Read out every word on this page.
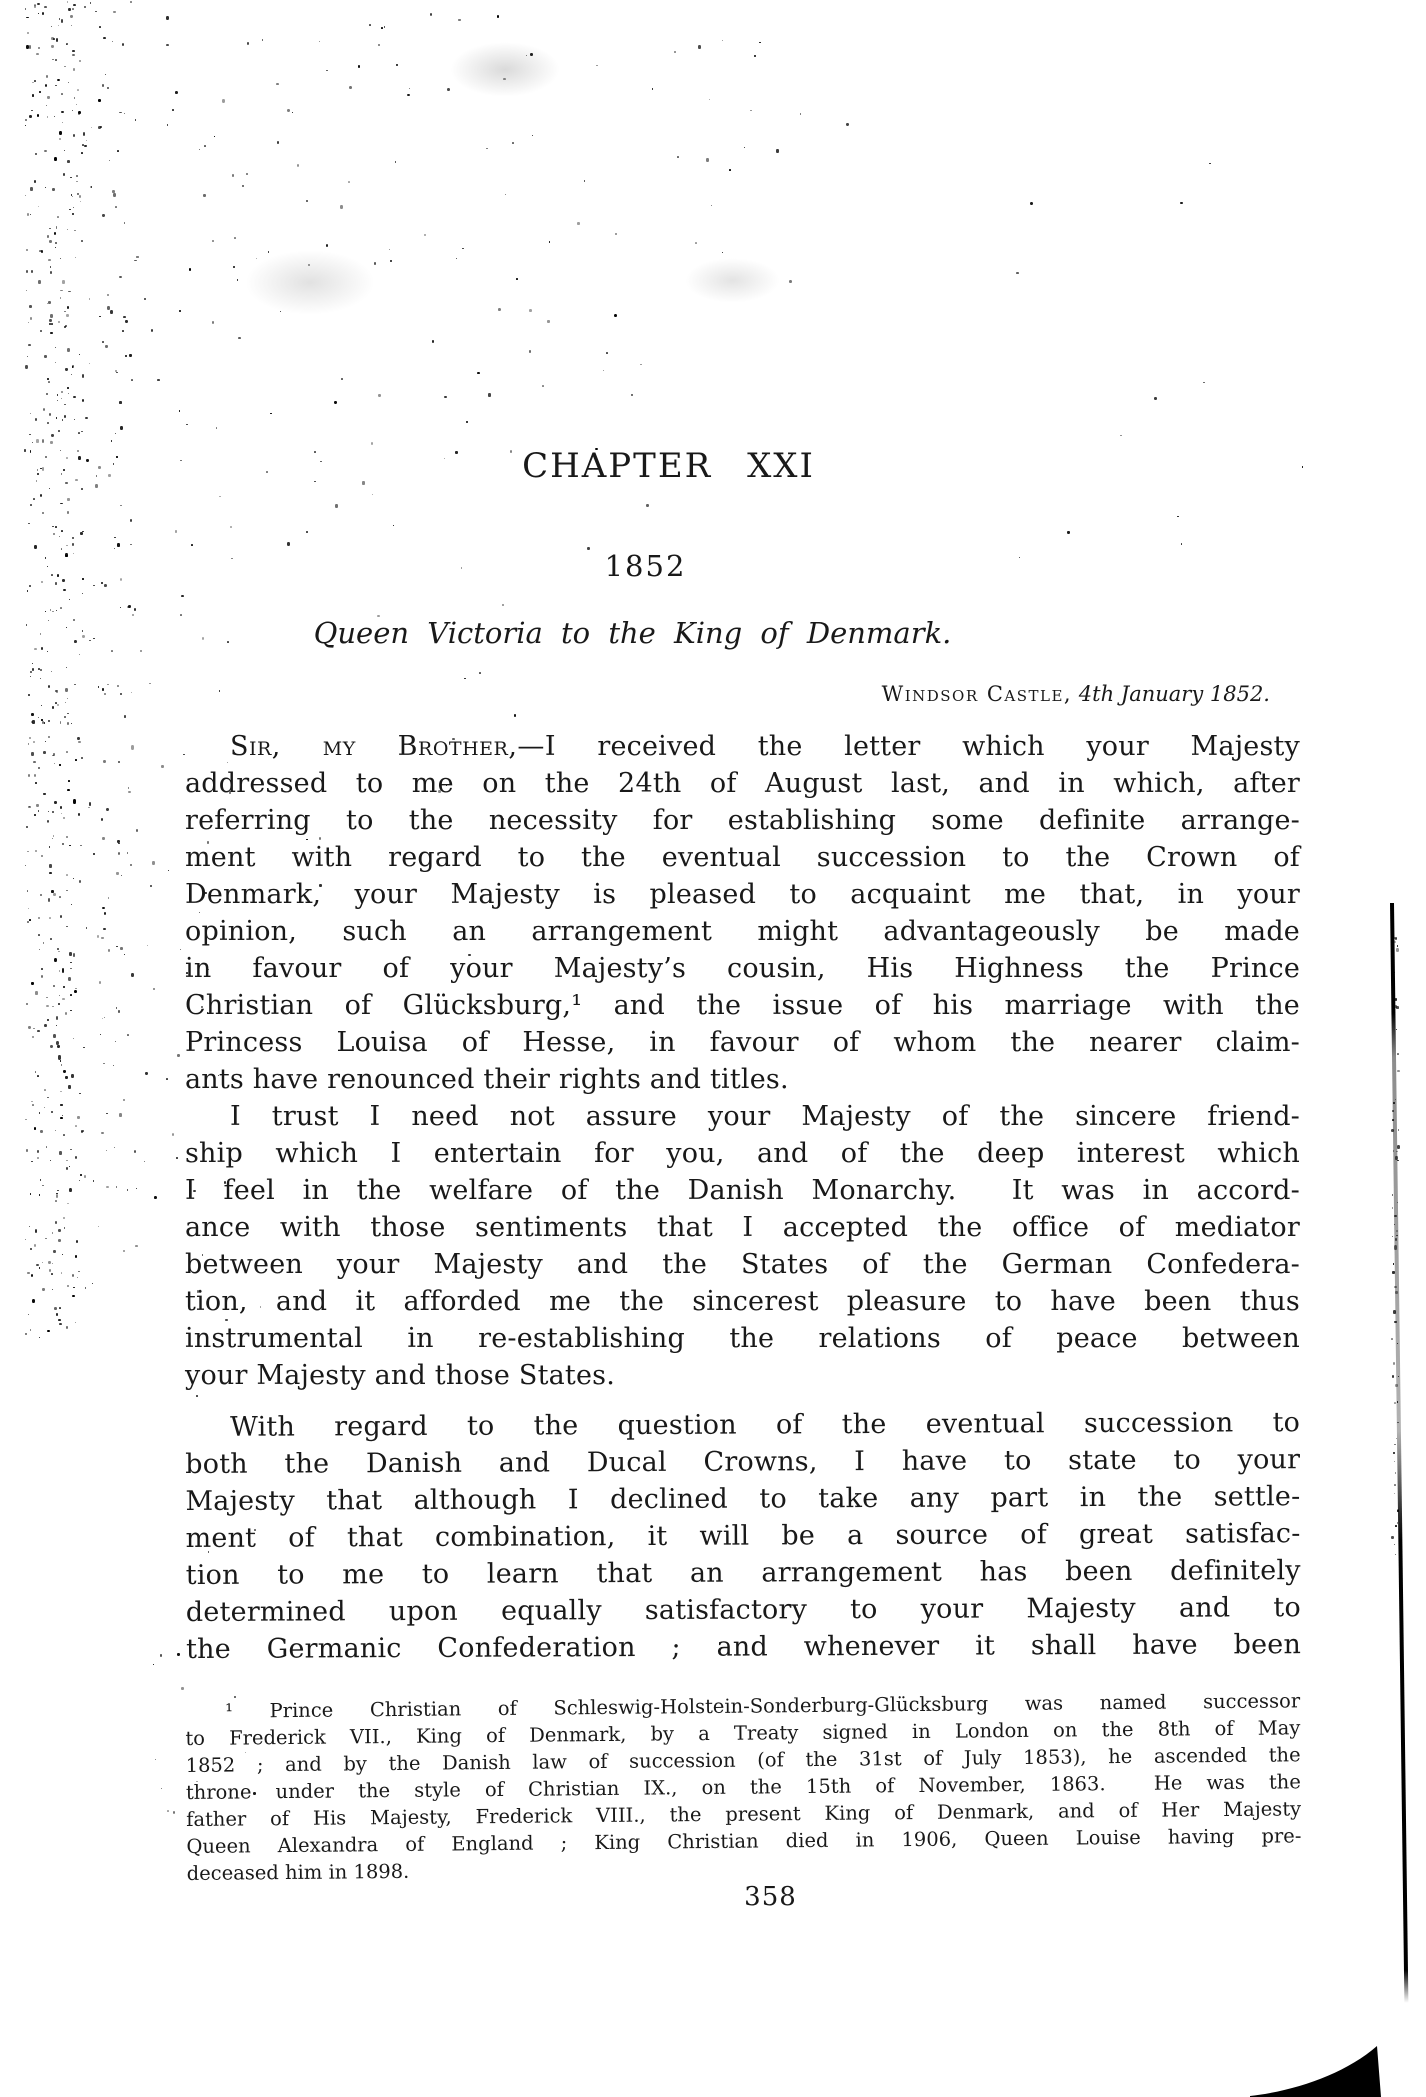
CHAPTER XXI
1852
Queen Victoria to the King of Denmark.
Windsor Castle, 4th January 1852.
Sir, my Brother,—I received the letter which your Majesty
addressed to me on the 24th of August last, and in which, after
referring to the necessity for establishing some definite arrange-
ment with regard to the eventual succession to the Crown of
Denmark, your Majesty is pleased to acquaint me that, in your
opinion, such an arrangement might advantageously be made
in favour of your Majesty’s cousin, His Highness the Prince
Christian of Glücksburg,¹ and the issue of his marriage with the
Princess Louisa of Hesse, in favour of whom the nearer claim-
ants have renounced their rights and titles.
I trust I need not assure your Majesty of the sincere friend-
ship which I entertain for you, and of the deep interest which
I feel in the welfare of the Danish Monarchy.  It was in accord-
ance with those sentiments that I accepted the office of mediator
between your Majesty and the States of the German Confedera-
tion, and it afforded me the sincerest pleasure to have been thus
instrumental in re-establishing the relations of peace between
your Majesty and those States.
With regard to the question of the eventual succession to
both the Danish and Ducal Crowns, I have to state to your
Majesty that although I declined to take any part in the settle-
ment of that combination, it will be a source of great satisfac-
tion to me to learn that an arrangement has been definitely
determined upon equally satisfactory to your Majesty and to
the Germanic Confederation ; and whenever it shall have been
¹ Prince Christian of Schleswig-Holstein-Sonderburg-Glücksburg was named successor
to Frederick VII., King of Denmark, by a Treaty signed in London on the 8th of May
1852 ; and by the Danish law of succession (of the 31st of July 1853), he ascended the
throne under the style of Christian IX., on the 15th of November, 1863.  He was the
father of His Majesty, Frederick VIII., the present King of Denmark, and of Her Majesty
Queen Alexandra of England ; King Christian died in 1906, Queen Louise having pre-
deceased him in 1898.
358
